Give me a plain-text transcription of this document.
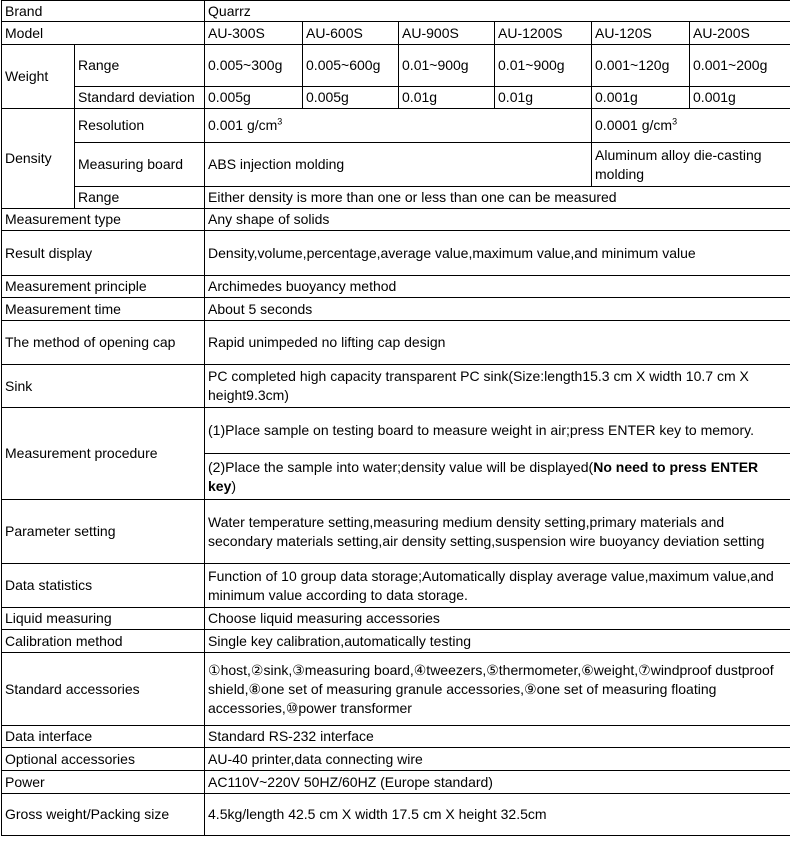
Brand		Quarrz					
Model		AU-300S	AU-600S	AU-900S	AU-1200S	AU-120S	AU-200S
Weight	Range	0.005~300g	0.005~600g	0.01~900g	0.01~900g	0.001~120g	0.001~200g
	Standard deviation	0.005g	0.005g	0.01g	0.01g	0.001g	0.001g
Density	Resolution	0.001 $g/cm^3$				0.0001 $g/cm^3$
	Measuring board	ABS injection molding				Aluminum alloy die-casting molding	
	Range	Either density is more than one or less than one can be measured					
Measurement type		Any shape of solids					
Result display		Density,volume,percentage,average value,maximum value,and minimum value					
Measurement principle		Archimedes buoyancy method					
Measurement time		About 5 seconds					
The method of opening cap		Rapid unimpeded no lifting cap design					
Sink		PC completed high capacity transparent PC sink(Size:length15.3 cm X width 10.7 cm X height9.3cm)					
Measurement procedure		(1)Place sample on testing board to measure weight in air;press ENTER key to memory.					
		(2)Place the sample into water;density value will be displayed(No need to press ENTER key)					
Parameter setting		Water temperature setting,measuring medium density setting,primary materials and secondary materials setting,air density setting,suspension wire buoyancy deviation setting					
Data statistics		Function of 10 group data storage;Automatically display average value,maximum value,and minimum value according to data storage.					
Liquid measuring		Choose liquid measuring accessories					
Calibration method		Single key calibration,automatically testing					
Standard accessories		①host,②sink,③measuring board,④tweezers,⑤thermometer,⑥weight,⑦windproof dustproof shield,⑧one set of measuring granule accessories,⑨one set of measuring floating accessories,⑩power transformer					
Data interface		Standard RS-232 interface					
Optional accessories		AU-40 printer,data connecting wire					
Power		AC110V~220V 50HZ/60HZ (Europe standard)					
Gross weight/Packing size		4.5kg/length 42.5 cm X width 17.5 cm X height 32.5cm					
